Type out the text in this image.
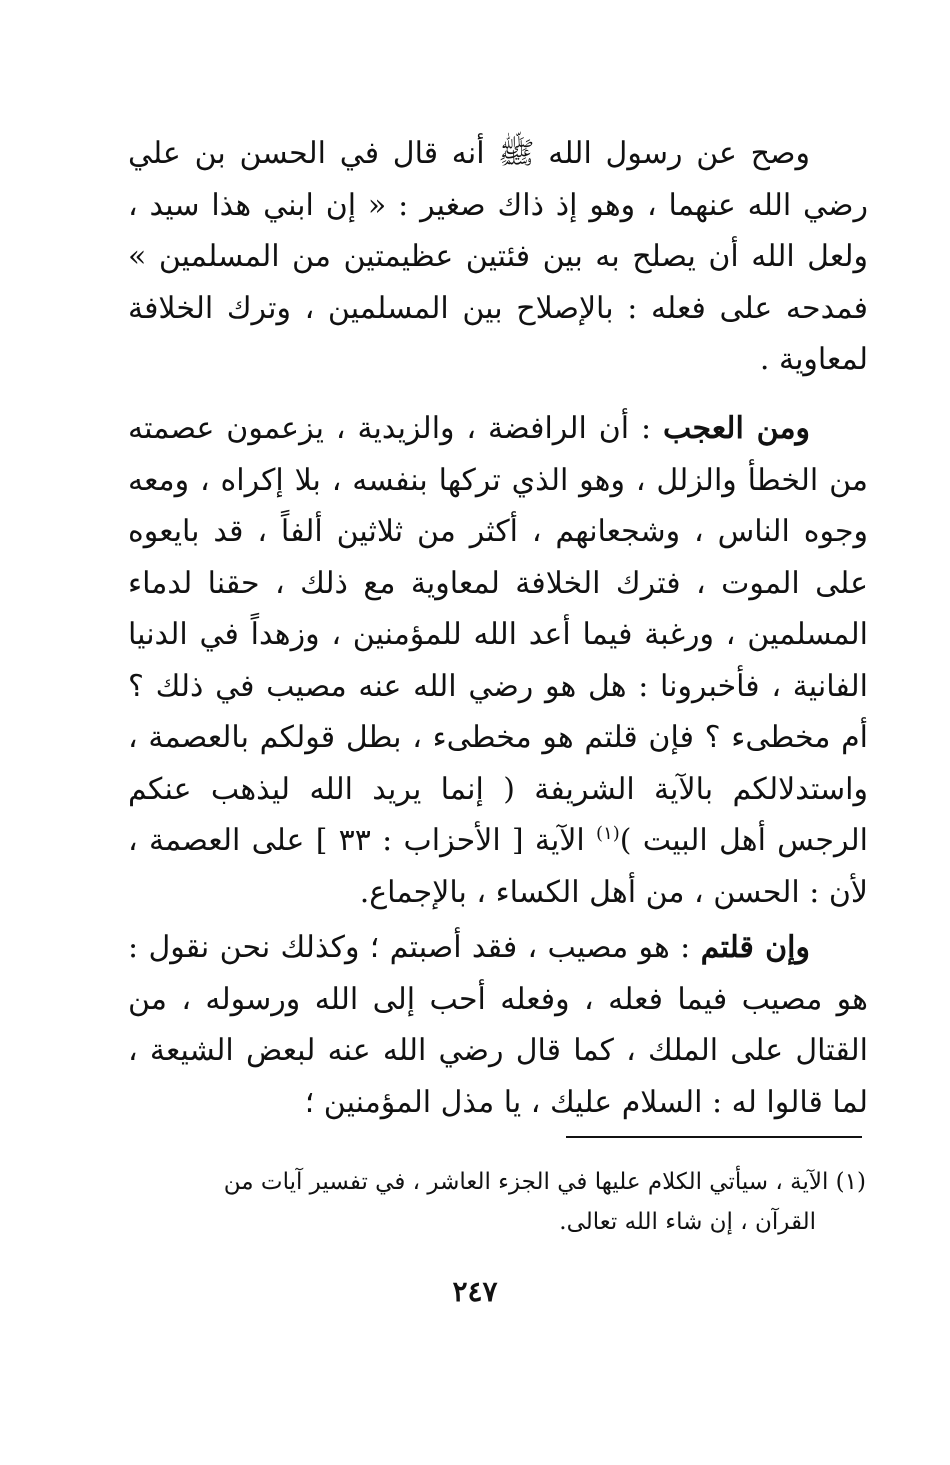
وصح عن رسول الله ﷺ أنه قال في الحسن بن علي رضي الله عنهما ، وهو إذ ذاك صغير : « إن ابني هذا سيد ، ولعل الله أن يصلح به بين فئتين عظيمتين من المسلمين » فمدحه على فعله : بالإصلاح بين المسلمين ، وترك الخلافة لمعاوية .

ومن العجب : أن الرافضة ، والزيدية ، يزعمون عصمته من الخطأ والزلل ، وهو الذي تركها بنفسه ، بلا إكراه ، ومعه وجوه الناس ، وشجعانهم ، أكثر من ثلاثين ألفاً ، قد بايعوه على الموت ، فترك الخلافة لمعاوية مع ذلك ، حقنا لدماء المسلمين ، ورغبة فيما أعد الله للمؤمنين ، وزهداً في الدنيا الفانية ، فأخبرونا : هل هو رضي الله عنه مصيب في ذلك ؟ أم مخطىء ؟ فإن قلتم هو مخطىء ، بطل قولكم بالعصمة ، واستدلالكم بالآية الشريفة ( إنما يريد الله ليذهب عنكم الرجس أهل البيت )$^{(١)}$ الآية [ الأحزاب : ٣٣ ] على العصمة ، لأن : الحسن ، من أهل الكساء ، بالإجماع.

وإن قلتم : هو مصيب ، فقد أصبتم ؛ وكذلك نحن نقول : هو مصيب فيما فعله ، وفعله أحب إلى الله ورسوله ، من القتال على الملك ، كما قال رضي الله عنه لبعض الشيعة ، لما قالوا له : السلام عليك ، يا مذل المؤمنين ؛

(١) الآية ، سيأتي الكلام عليها في الجزء العاشر ، في تفسير آيات من
القرآن ، إن شاء الله تعالى.

٢٤٧
